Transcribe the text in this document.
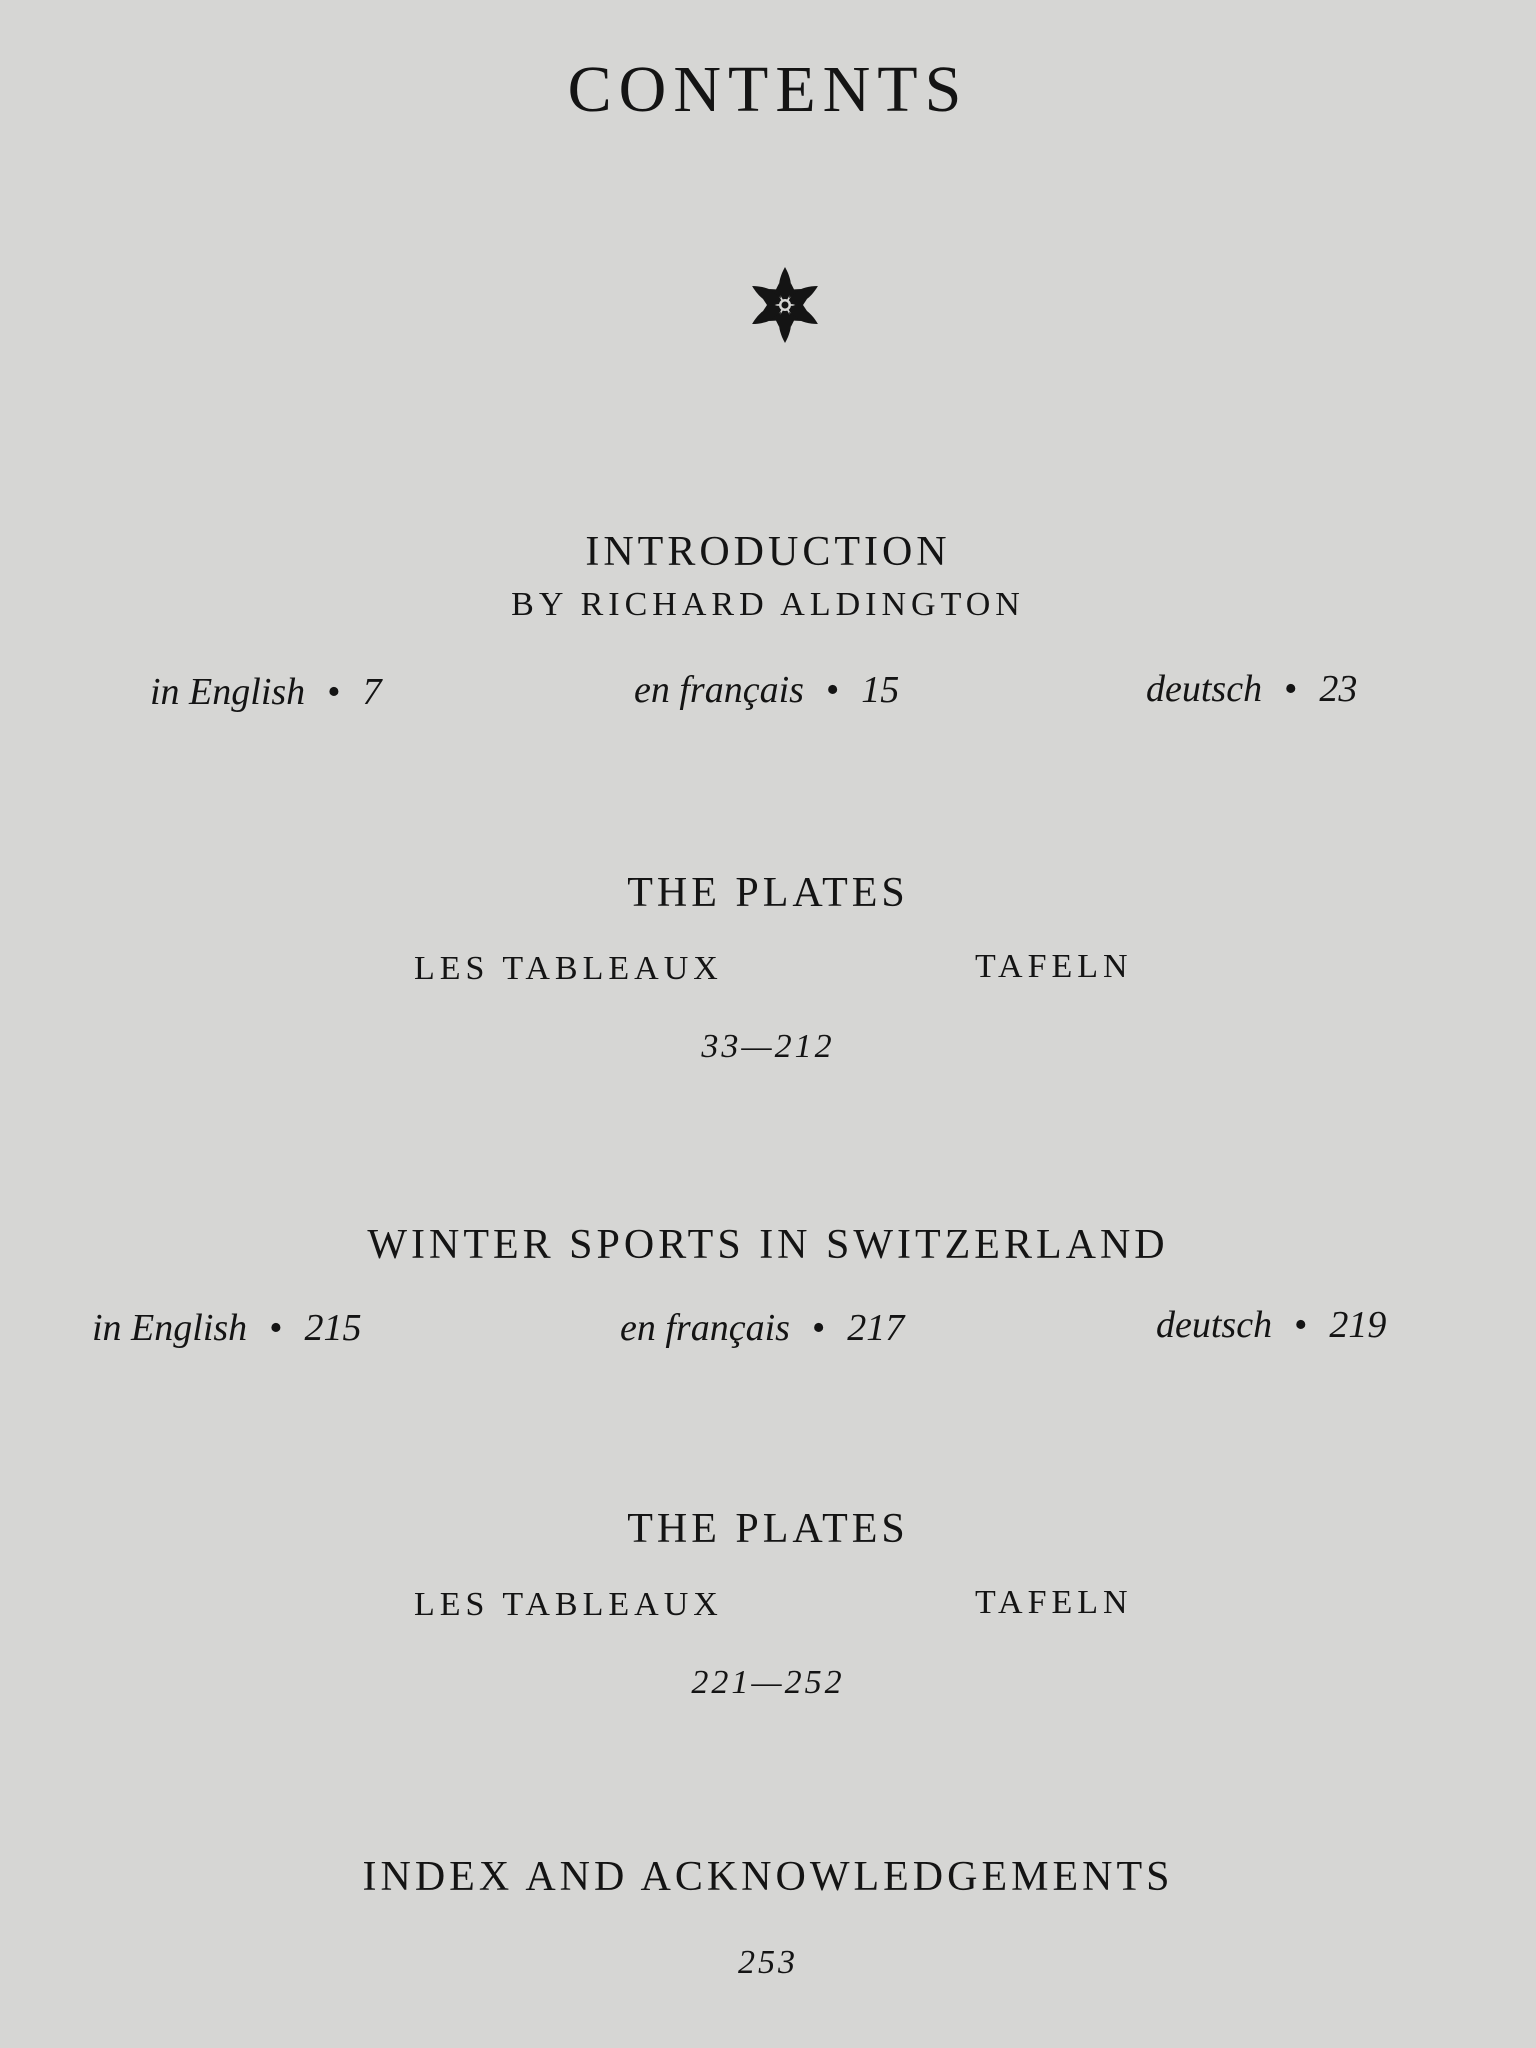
CONTENTS
INTRODUCTION
BY RICHARD ALDINGTON
in English • 7	en français • 15	deutsch • 23
THE PLATES
LES TABLEAUX	TAFELN
33—212
WINTER SPORTS IN SWITZERLAND
in English • 215	en français • 217	deutsch • 219
THE PLATES
LES TABLEAUX	TAFELN
221—252
INDEX AND ACKNOWLEDGEMENTS
253
